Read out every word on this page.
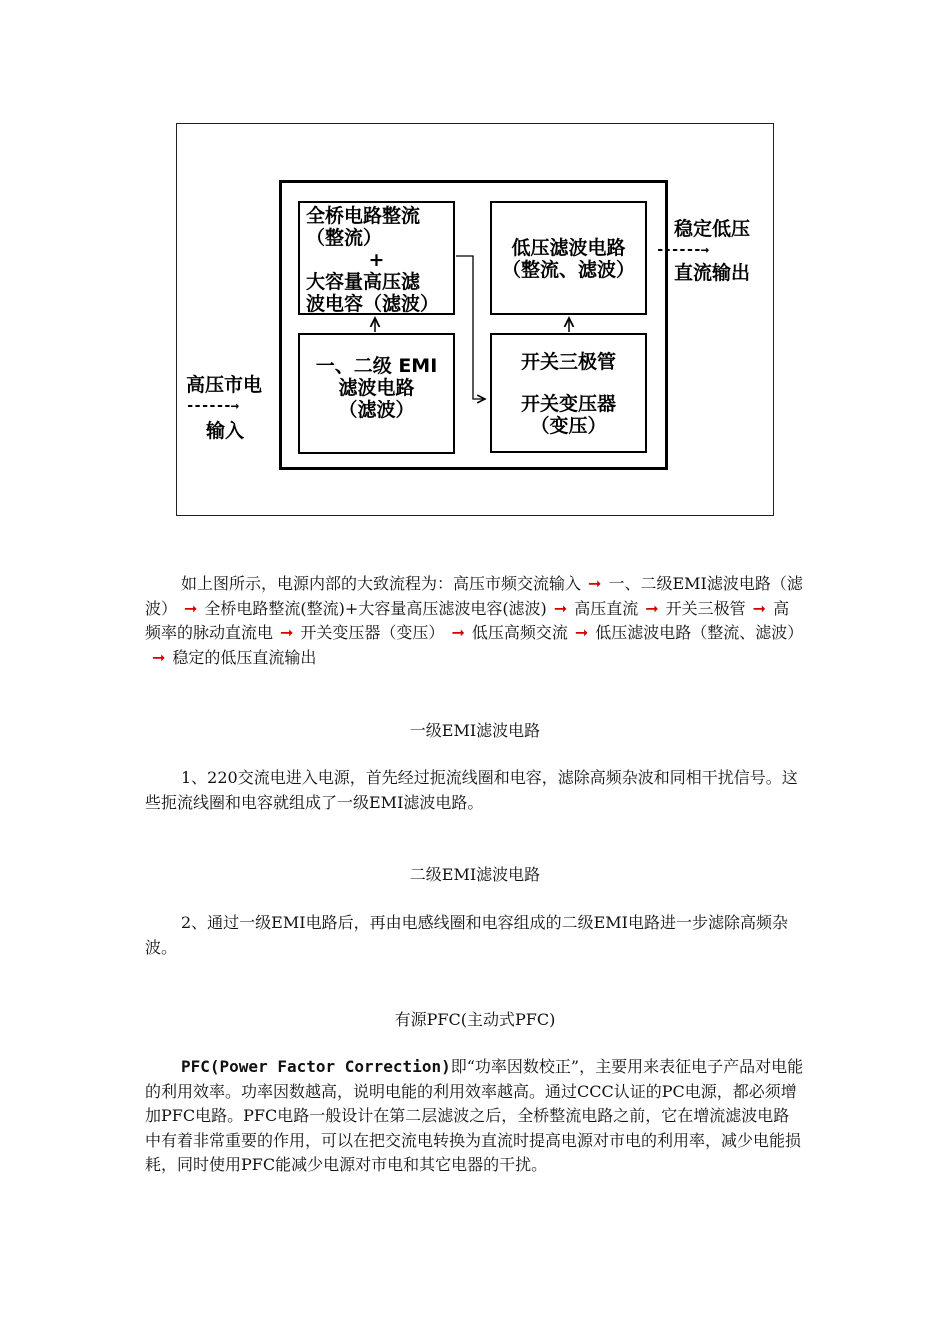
高压市电
------→
输入
全桥电路整流
（整流）
+
大容量高压滤
波电容（滤波）
一、二级 EMI
滤波电路
（滤波）
低压滤波电路
（整流、滤波）
开关三极管
开关变压器
（变压）
稳定低压
------→
直流输出
如上图所示，电源内部的大致流程为：高压市频交流输入 ➞ 一、二级EMI滤波电路（滤波） ➞ 全桥电路整流(整流)+大容量高压滤波电容(滤波) ➞ 高压直流 ➞ 开关三极管 ➞ 高频率的脉动直流电 ➞ 开关变压器（变压） ➞ 低压高频交流 ➞ 低压滤波电路（整流、滤波）➞ 稳定的低压直流输出
一级EMI滤波电路
1、220交流电进入电源，首先经过扼流线圈和电容，滤除高频杂波和同相干扰信号。这些扼流线圈和电容就组成了一级EMI滤波电路。
二级EMI滤波电路
2、通过一级EMI电路后，再由电感线圈和电容组成的二级EMI电路进一步滤除高频杂波。
有源PFC(主动式PFC)
PFC(Power Factor Correction)即“功率因数校正”，主要用来表征电子产品对电能的利用效率。功率因数越高，说明电能的利用效率越高。通过CCC认证的PC电源，都必须增加PFC电路。PFC电路一般设计在第二层滤波之后，全桥整流电路之前，它在增流滤波电路中有着非常重要的作用，可以在把交流电转换为直流时提高电源对市电的利用率，减少电能损耗，同时使用PFC能减少电源对市电和其它电器的干扰。
